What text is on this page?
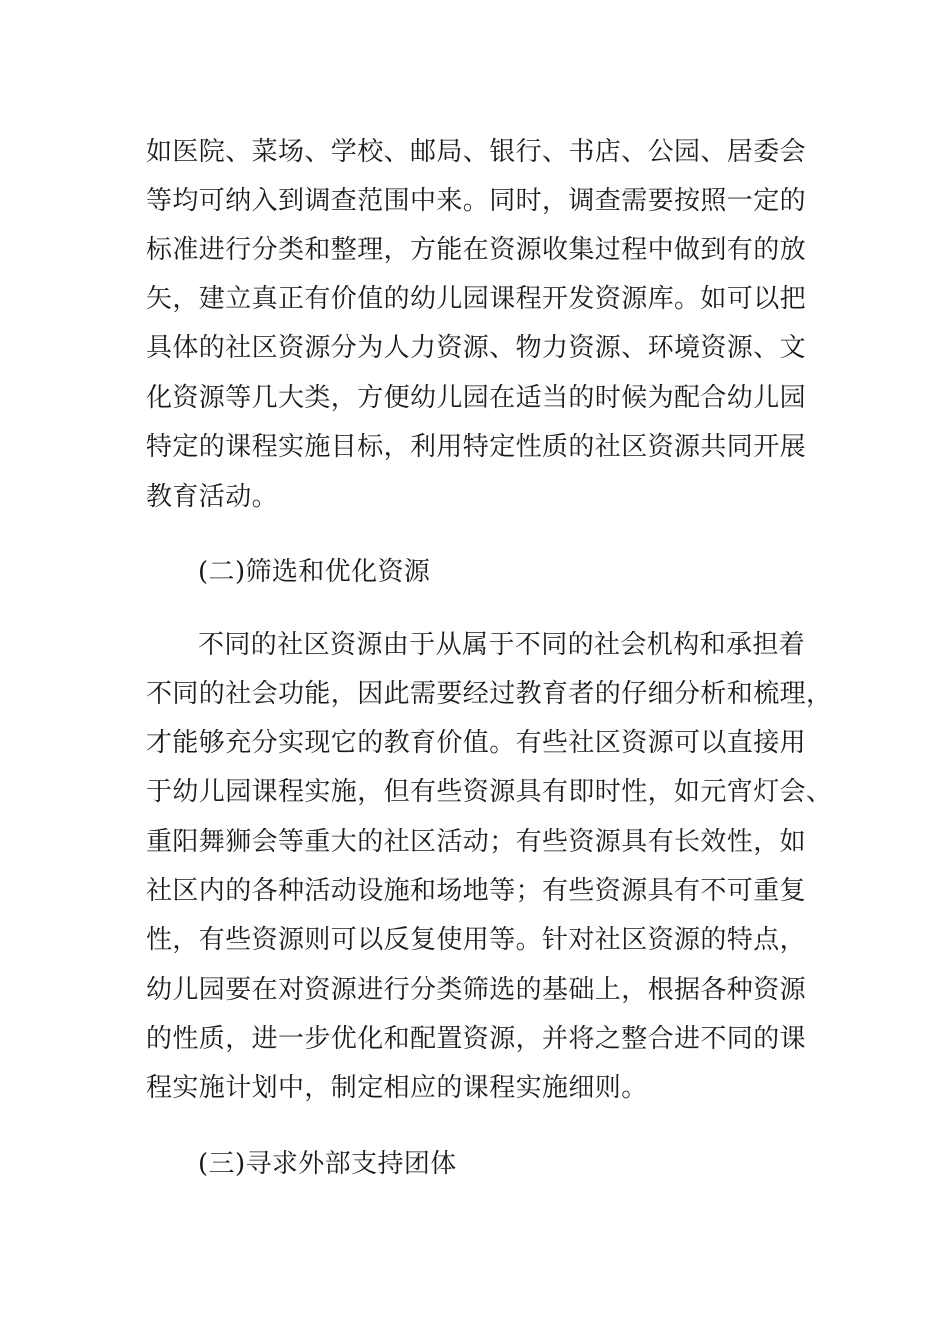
如医院、菜场、学校、邮局、银行、书店、公园、居委会
等均可纳入到调查范围中来。同时，调查需要按照一定的
标准进行分类和整理，方能在资源收集过程中做到有的放
矢，建立真正有价值的幼儿园课程开发资源库。如可以把
具体的社区资源分为人力资源、物力资源、环境资源、文
化资源等几大类，方便幼儿园在适当的时候为配合幼儿园
特定的课程实施目标，利用特定性质的社区资源共同开展
教育活动。
(二)筛选和优化资源
不同的社区资源由于从属于不同的社会机构和承担着
不同的社会功能，因此需要经过教育者的仔细分析和梳理，
才能够充分实现它的教育价值。有些社区资源可以直接用
于幼儿园课程实施，但有些资源具有即时性，如元宵灯会、
重阳舞狮会等重大的社区活动；有些资源具有长效性，如
社区内的各种活动设施和场地等；有些资源具有不可重复
性，有些资源则可以反复使用等。针对社区资源的特点，
幼儿园要在对资源进行分类筛选的基础上，根据各种资源
的性质，进一步优化和配置资源，并将之整合进不同的课
程实施计划中，制定相应的课程实施细则。
(三)寻求外部支持团体
